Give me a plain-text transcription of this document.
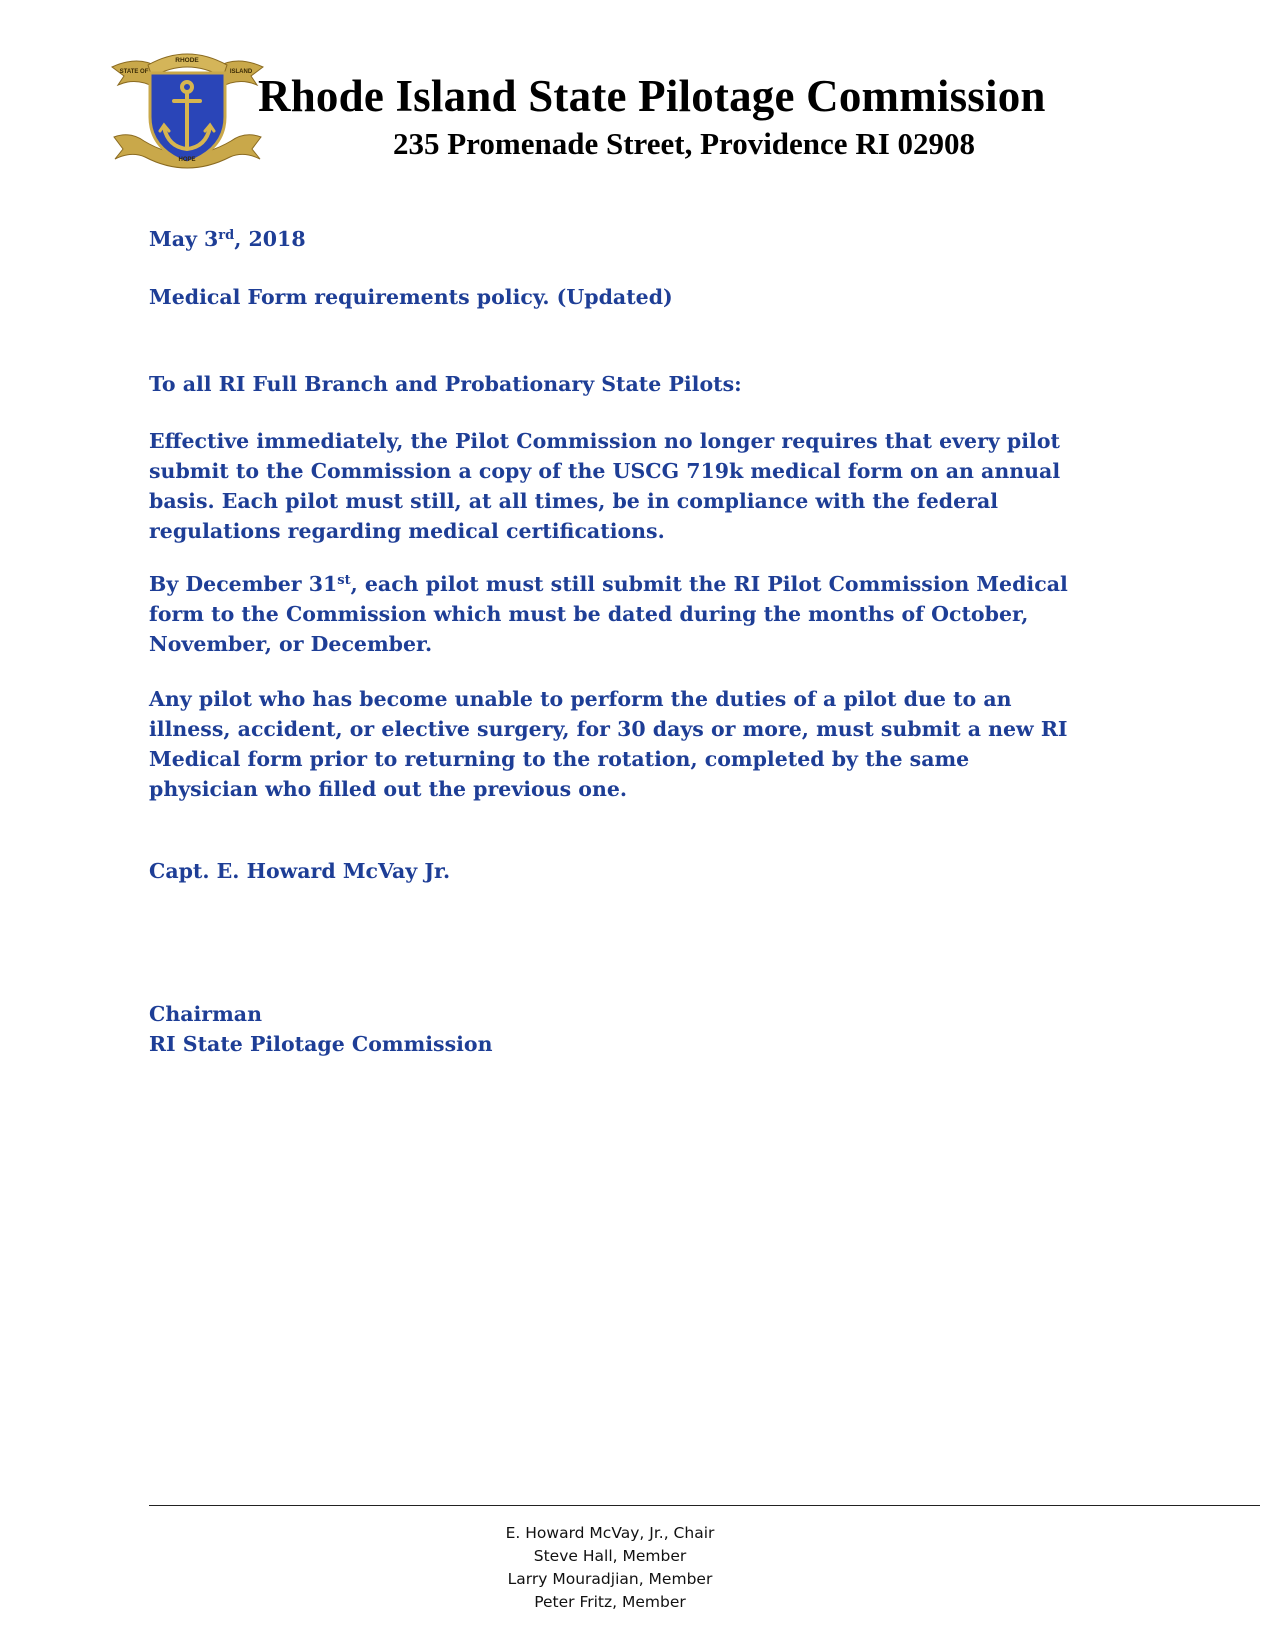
RHODE
STATE OF	ISLAND
HOPE
Rhode Island State Pilotage Commission
235 Promenade Street, Providence RI 02908

May 3rd, 2018

Medical Form requirements policy. (Updated)

To all RI Full Branch and Probationary State Pilots:

Effective immediately, the Pilot Commission no longer requires that every pilot submit to the Commission a copy of the USCG 719k medical form on an annual basis. Each pilot must still, at all times, be in compliance with the federal regulations regarding medical certifications.

By December 31st, each pilot must still submit the RI Pilot Commission Medical form to the Commission which must be dated during the months of October, November, or December.

Any pilot who has become unable to perform the duties of a pilot due to an illness, accident, or elective surgery, for 30 days or more, must submit a new RI Medical form prior to returning to the rotation, completed by the same physician who filled out the previous one.

Capt. E. Howard McVay Jr.

Chairman

RI State Pilotage Commission

E. Howard McVay, Jr., Chair
Steve Hall, Member
Larry Mouradjian, Member
Peter Fritz, Member
